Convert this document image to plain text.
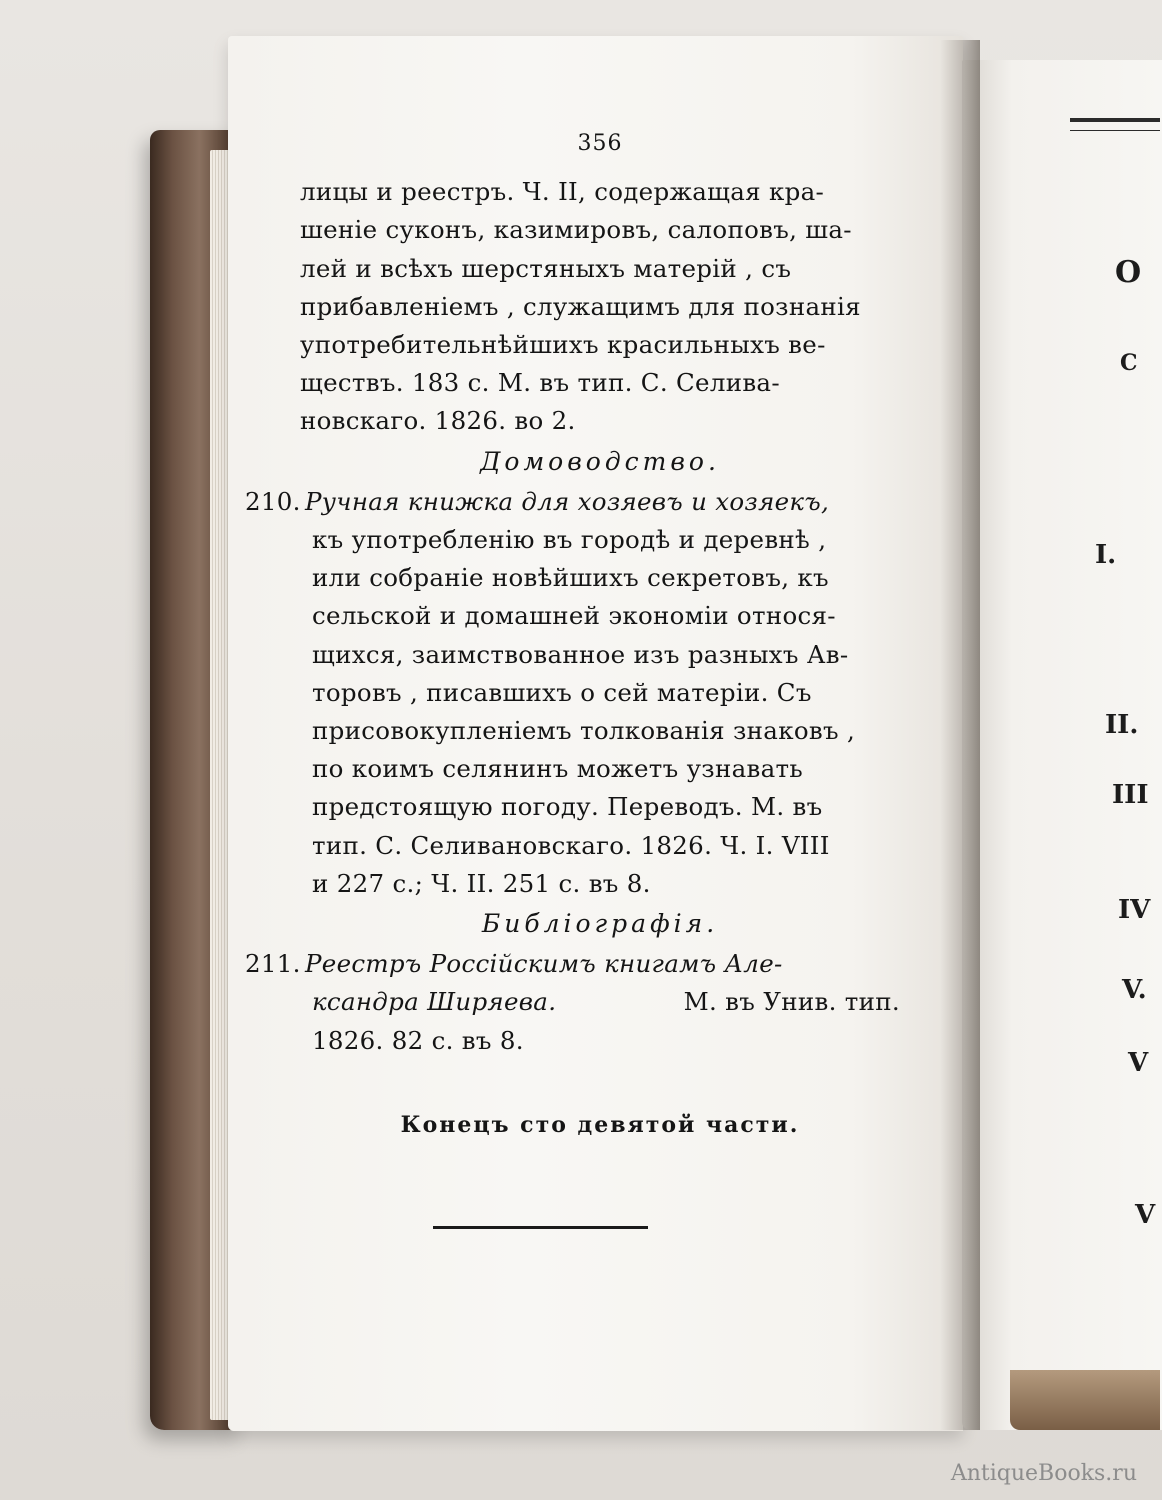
О
С
I.
II.
III
IV
V.
V
V
356
лицы и реестръ. Ч. II, содержащая кра-
шеніе суконъ, казимировъ, салоповъ, ша-
лей и всѣхъ шерстяныхъ матерій , съ
прибавленіемъ , служащимъ для познанія
употребительнѣйшихъ красильныхъ ве-
ществъ. 183 с. М. въ тип. С. Селива-
новскаго. 1826. во 2.
Домоводство.
210. Ручная книжка для хозяевъ и хозяекъ,
къ употребленію въ городѣ и деревнѣ ,
или собраніе новѣйшихъ секретовъ, къ
сельской и домашней экономіи относя-
щихся, заимствованное изъ разныхъ Ав-
торовъ , писавшихъ о сей матеріи. Съ
присовокупленіемъ толкованія знаковъ ,
по коимъ селянинъ можетъ узнавать
предстоящую погоду. Переводъ. М. въ
тип. С. Селивановскаго. 1826. Ч. I. VIII
и 227 с.; Ч. II. 251 с. въ 8.
Библіографія.
211. Реестръ Россійскимъ книгамъ Але-
ксандра Ширяева.	М. въ Унив. тип.
1826. 82 с. въ 8.
Конецъ сто девятой части.
AntiqueBooks.ru
